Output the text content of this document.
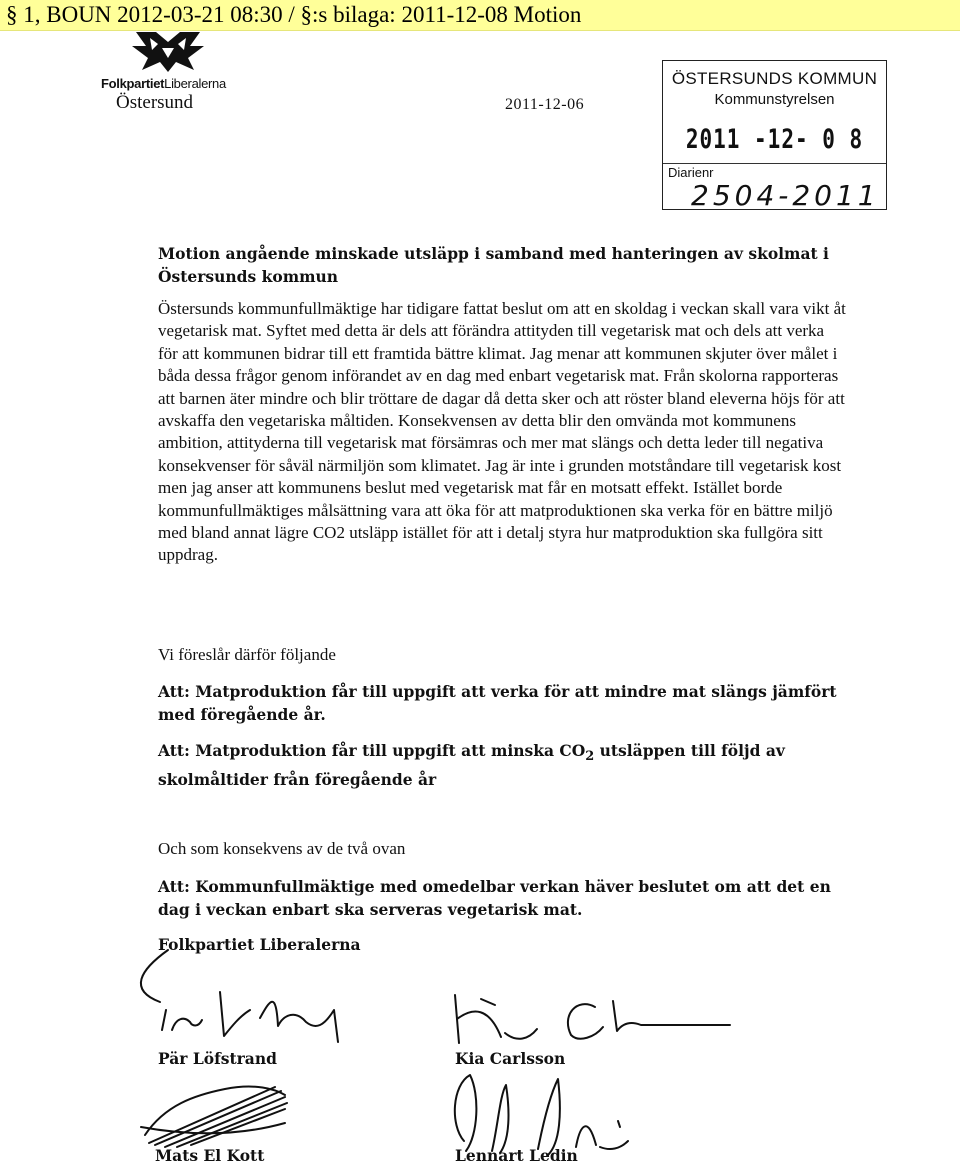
§ 1, BOUN 2012-03-21 08:30 / §:s bilaga: 2011-12-08 Motion
FolkpartietLiberalerna
Östersund	2011-12-06
ÖSTERSUNDS KOMMUN
Kommunstyrelsen
2011 -12- 0 8
Diarienr
2504-2011

Motion angående minskade utsläpp i samband med hanteringen av skolmat i Östersunds kommun

Östersunds kommunfullmäktige har tidigare fattat beslut om att en skoldag i veckan skall vara vikt åt vegetarisk mat. Syftet med detta är dels att förändra attityden till vegetarisk mat och dels att verka för att kommunen bidrar till ett framtida bättre klimat. Jag menar att kommunen skjuter över målet i båda dessa frågor genom införandet av en dag med enbart vegetarisk mat. Från skolorna rapporteras att barnen äter mindre och blir tröttare de dagar då detta sker och att röster bland eleverna höjs för att avskaffa den vegetariska måltiden. Konsekvensen av detta blir den omvända mot kommunens ambition, attityderna till vegetarisk mat försämras och mer mat slängs och detta leder till negativa konsekvenser för såväl närmiljön som klimatet. Jag är inte i grunden motståndare till vegetarisk kost men jag anser att kommunens beslut med vegetarisk mat får en motsatt effekt. Istället borde kommunfullmäktiges målsättning vara att öka för att matproduktionen ska verka för en bättre miljö med bland annat lägre CO2 utsläpp istället för att i detalj styra hur matproduktion ska fullgöra sitt uppdrag.

Vi föreslår därför följande

Att: Matproduktion får till uppgift att verka för att mindre mat slängs jämfört med föregående år.

Att: Matproduktion får till uppgift att minska $CO_2$ utsläppen till följd av skolmåltider från föregående år

Och som konsekvens av de två ovan

Att: Kommunfullmäktige med omedelbar verkan häver beslutet om att det en dag i veckan enbart ska serveras vegetarisk mat.

Folkpartiet Liberalerna

Pär Löfstrand	Kia Carlsson

Mats El Kott	Lennart Ledin
